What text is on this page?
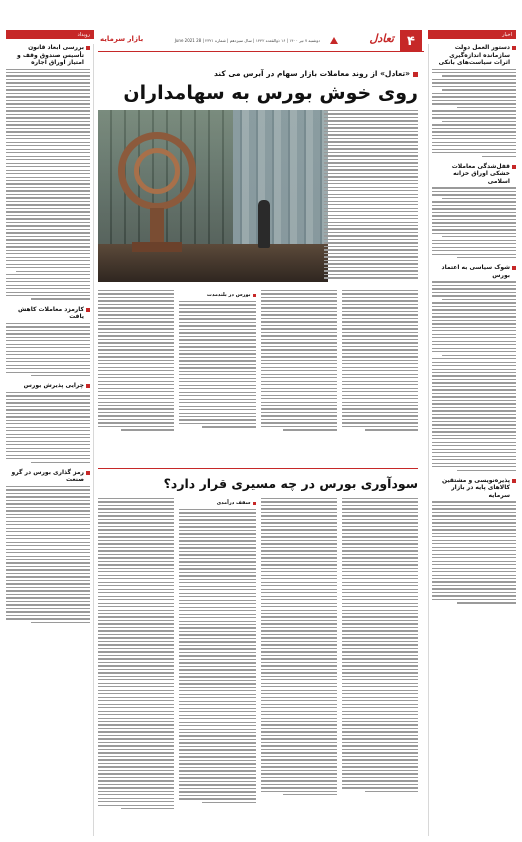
اخبار
رویداد	۴
تعادل
دوشنبه ۷ تیر ۱۴۰۰ | ۱۶ ذوالقعده ۱۴۴۲ | سال سیزدهم | شماره ۲۳۲۱ | 28 June 2021
بازار سرمایه
دستور العمل دولت سازمانده اندازه‌گیری اثرات سیاست‌های بانکی
قفل‌شدگی معاملات خشکی اوراق خزانه اسلامی
شوک سیاسی به اعتماد بورس
پذیره‌نویسی و مشتقین کالاهای پایه در بازار سرمایه
بررسی ابعاد قانون تأسیس صندوق وقف و امتیاز اوراق اجاره
کارمزد معاملات کاهش یافت
چرایی پذیرش بورس
رمز گذاری بورس در گرو صنعت
«تعادل» از روند معاملات بازار سهام در آبرس می کند
روی خوش بورس به سهامداران
بورس در بلندمدت
سودآوری بورس در چه مسیری قرار دارد؟
سقف درآمدی
